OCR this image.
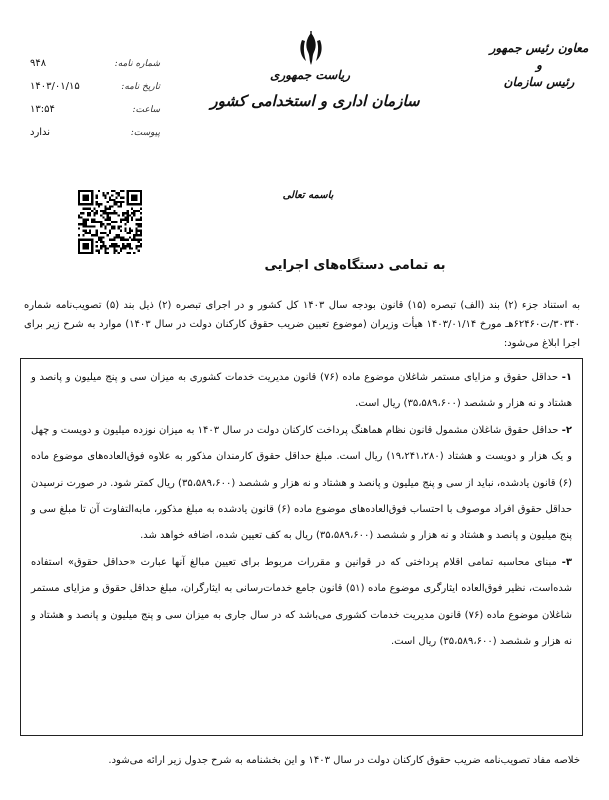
معاون رئیس جمهور
و
رئیس سازمان
ریاست جمهوری
سازمان اداری و استخدامی کشور
شماره نامه:
۹۴۸
تاریخ نامه:
۱۴۰۳/۰۱/۱۵
ساعت:
۱۳:۵۴
پیوست:
ندارد
باسمه تعالی
به تمامی دستگاه‌های اجرایی
به استناد جزء (۲) بند (الف) تبصره (۱۵) قانون بودجه سال ۱۴۰۳ کل کشور و در اجرای تبصره (۲) ذیل بند (۵) تصویب‌نامه شماره ۳۰۳۴۰/ت۶۲۴۶۰هـ مورخ ۱۴۰۳/۰۱/۱۴ هیأت وزیران (موضوع تعیین ضریب حقوق کارکنان دولت در سال ۱۴۰۳) موارد به شرح زیر برای اجرا ابلاغ می‌شود:

۱- حداقل حقوق و مزایای مستمر شاغلان موضوع ماده (۷۶) قانون مدیریت خدمات کشوری به میزان سی و پنج میلیون و پانصد و هشتاد و نه هزار و ششصد (۳۵،۵۸۹،۶۰۰) ریال است.

۲- حداقل حقوق شاغلان مشمول قانون نظام هماهنگ پرداخت کارکنان دولت در سال ۱۴۰۳ به میزان نوزده میلیون و دویست و چهل و یک هزار و دویست و هشتاد (۱۹،۲۴۱،۲۸۰) ریال است. مبلغ حداقل حقوق کارمندان مذکور به علاوه فوق‌العاده‌های موضوع ماده (۶) قانون یادشده، نباید از سی و پنج میلیون و پانصد و هشتاد و نه هزار و ششصد (۳۵،۵۸۹،۶۰۰) ریال کمتر شود. در صورت نرسیدن حداقل حقوق افراد موصوف با احتساب فوق‌العاده‌های موضوع ماده (۶) قانون یادشده به مبلغ مذکور، مابه‌التفاوت آن تا مبلغ سی و پنج میلیون و پانصد و هشتاد و نه هزار و ششصد (۳۵،۵۸۹،۶۰۰) ریال به کف تعیین شده، اضافه خواهد شد.

۳- مبنای محاسبه تمامی اقلام پرداختی که در قوانین و مقررات مربوط برای تعیین مبالغ آنها عبارت «حداقل حقوق» استفاده شده‌است، نظیر فوق‌العاده ایثارگری موضوع ماده (۵۱) قانون جامع خدمات‌رسانی به ایثارگران، مبلغ حداقل حقوق و مزایای مستمر شاغلان موضوع ماده (۷۶) قانون مدیریت خدمات کشوری می‌باشد که در سال جاری به میزان سی و پنج میلیون و پانصد و هشتاد و نه هزار و ششصد (۳۵،۵۸۹،۶۰۰) ریال است.

خلاصه مفاد تصویب‌نامه ضریب حقوق کارکنان دولت در سال ۱۴۰۳ و این بخشنامه به شرح جدول زیر ارائه می‌شود.
